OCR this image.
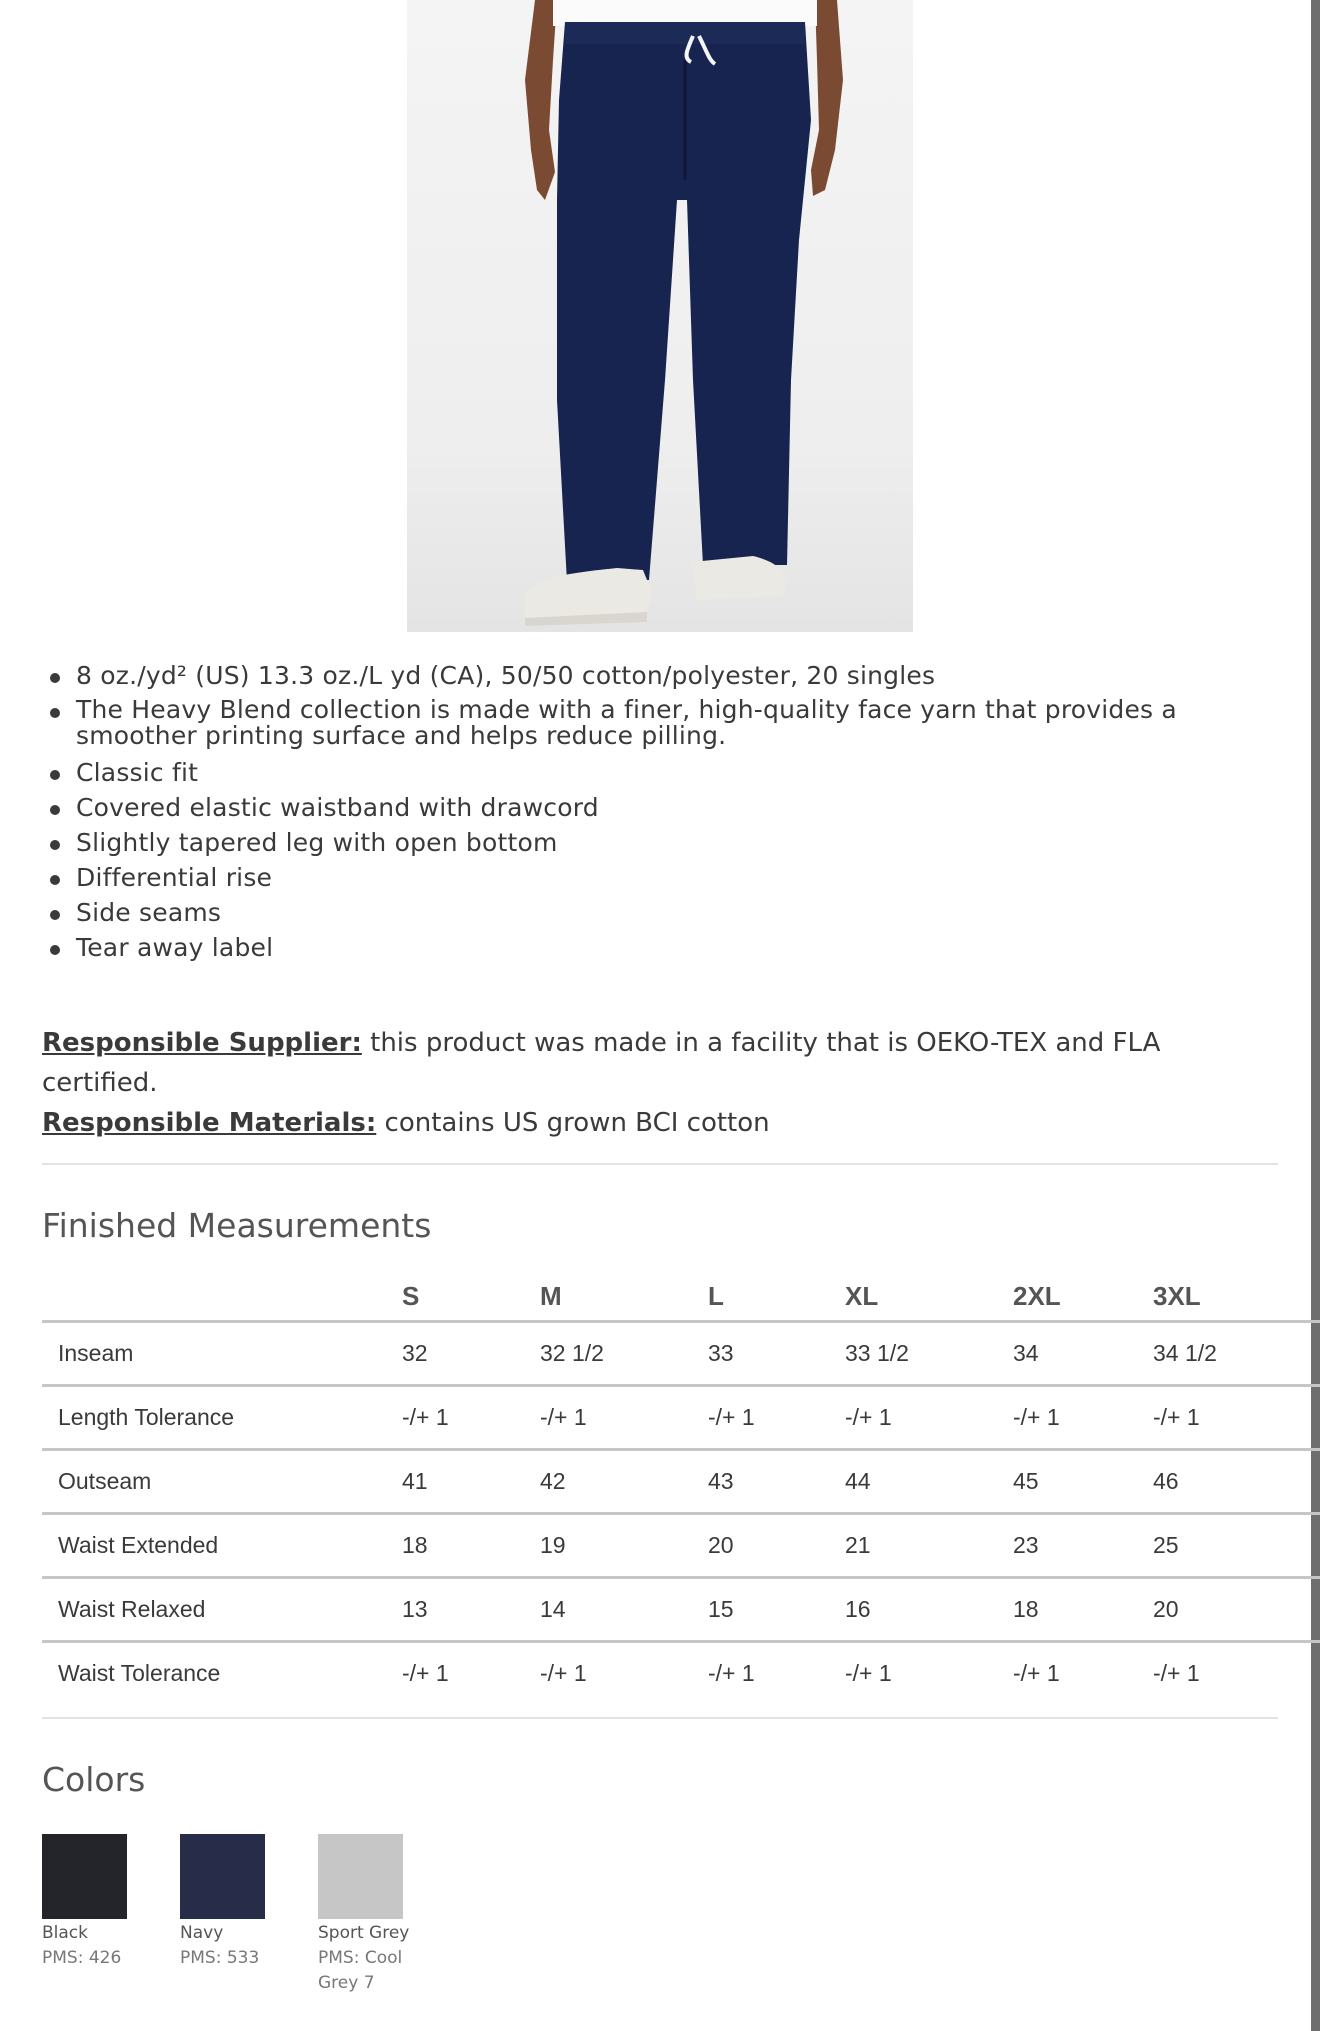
8 oz./yd² (US) 13.3 oz./L yd (CA), 50/50 cotton/polyester, 20 singles
The Heavy Blend collection is made with a finer, high-quality face yarn that provides a smoother printing surface and helps reduce pilling.
Classic fit
Covered elastic waistband with drawcord
Slightly tapered leg with open bottom
Differential rise
Side seams
Tear away label

Responsible Supplier: this product was made in a facility that is OEKO-TEX and FLA certified.

Responsible Materials: contains US grown BCI cotton

Finished Measurements
	S	M	L	XL	2XL	3XL
Inseam	32	32 1/2	33	33 1/2	34	34 1/2
Length Tolerance	-/+ 1	-/+ 1	-/+ 1	-/+ 1	-/+ 1	-/+ 1
Outseam	41	42	43	44	45	46
Waist Extended	18	19	20	21	23	25
Waist Relaxed	13	14	15	16	18	20
Waist Tolerance	-/+ 1	-/+ 1	-/+ 1	-/+ 1	-/+ 1	-/+ 1
Colors
Black
PMS: 426
Navy
PMS: 533
Sport Grey
PMS: Cool Grey 7
